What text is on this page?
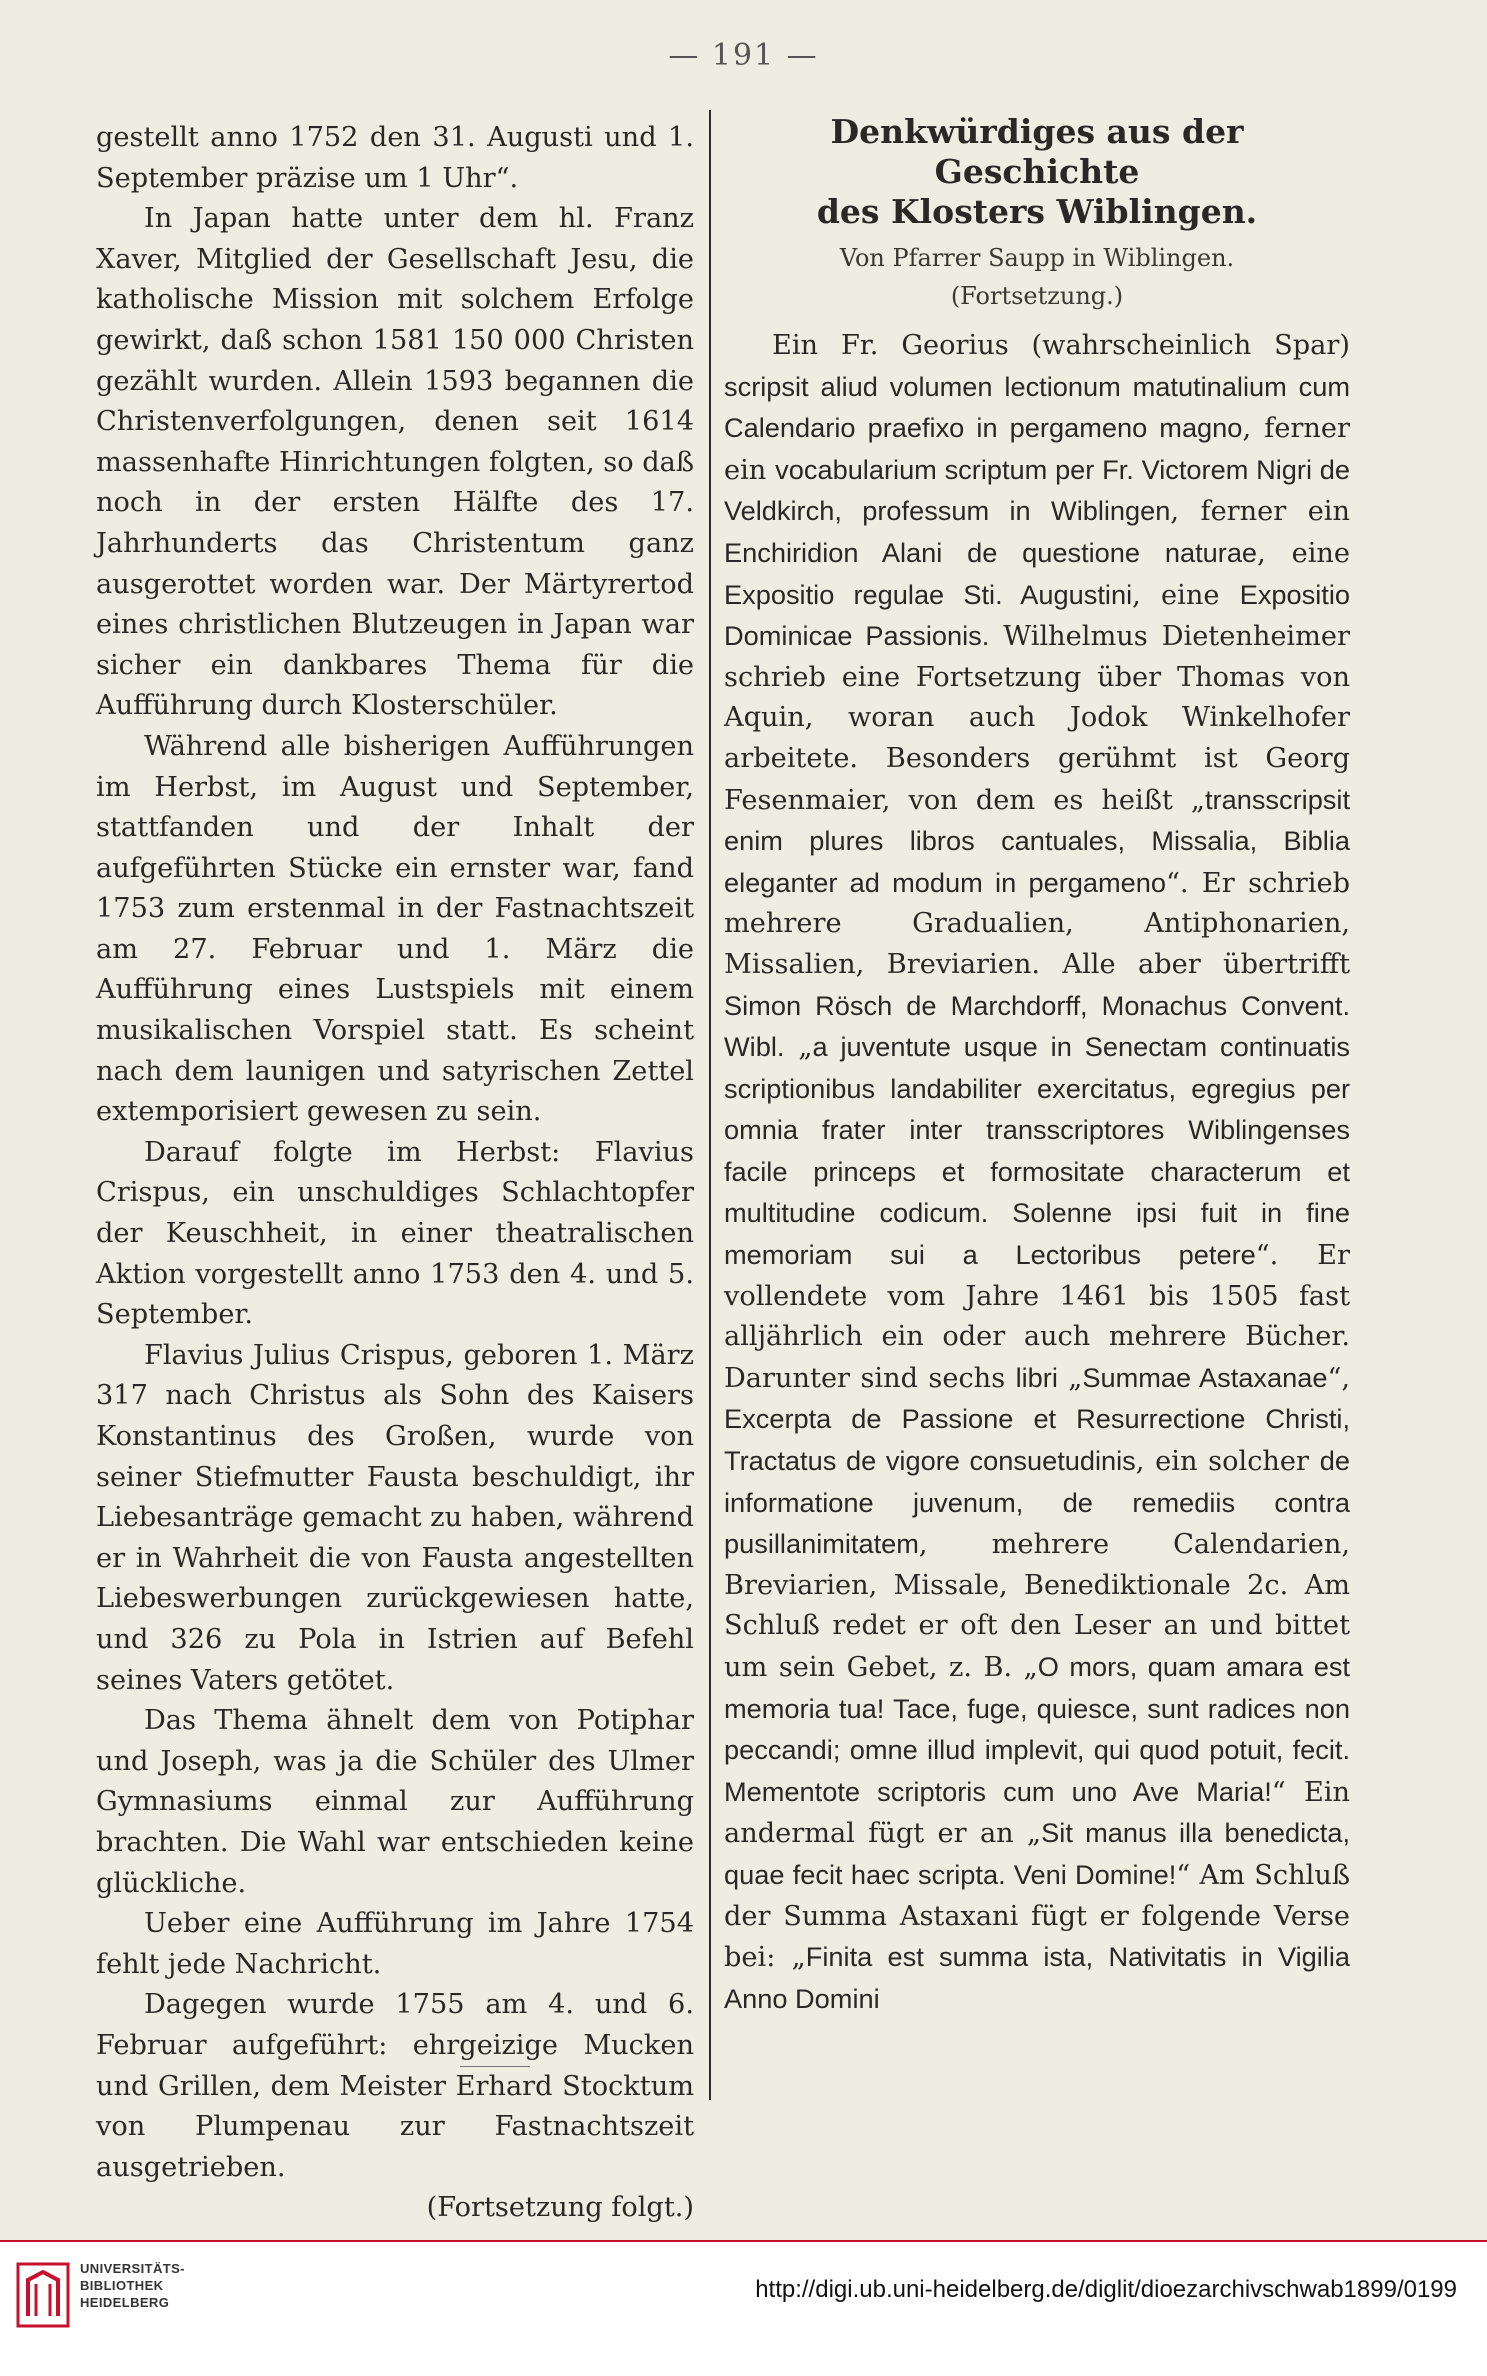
— 191 —

gestellt anno 1752 den 31. Augusti und 1. September präzise um 1 Uhr“.

In Japan hatte unter dem hl. Franz Xaver, Mitglied der Gesellschaft Jesu, die katholische Mission mit solchem Erfolge gewirkt, daß schon 1581 150 000 Christen gezählt wurden. Allein 1593 begannen die Christenverfolgungen, denen seit 1614 massenhafte Hinrichtungen folgten, so daß noch in der ersten Hälfte des 17. Jahrhunderts das Christentum ganz ausgerottet worden war. Der Märtyrertod eines christlichen Blutzeugen in Japan war sicher ein dankbares Thema für die Aufführung durch Klosterschüler.

Während alle bisherigen Aufführungen im Herbst, im August und September, stattfanden und der Inhalt der aufgeführten Stücke ein ernster war, fand 1753 zum erstenmal in der Fastnachtszeit am 27. Februar und 1. März die Aufführung eines Lustspiels mit einem musikalischen Vorspiel statt. Es scheint nach dem launigen und satyrischen Zettel extemporisiert gewesen zu sein.

Darauf folgte im Herbst: Flavius Crispus, ein unschuldiges Schlachtopfer der Keuschheit, in einer theatralischen Aktion vorgestellt anno 1753 den 4. und 5. September.

Flavius Julius Crispus, geboren 1. März 317 nach Christus als Sohn des Kaisers Konstantinus des Großen, wurde von seiner Stiefmutter Fausta beschuldigt, ihr Liebesanträge gemacht zu haben, während er in Wahrheit die von Fausta angestellten Liebeswerbungen zurückgewiesen hatte, und 326 zu Pola in Istrien auf Befehl seines Vaters getötet.

Das Thema ähnelt dem von Potiphar und Joseph, was ja die Schüler des Ulmer Gymnasiums einmal zur Aufführung brachten. Die Wahl war entschieden keine glückliche.

Ueber eine Aufführung im Jahre 1754 fehlt jede Nachricht.

Dagegen wurde 1755 am 4. und 6. Februar aufgeführt: ehrgeizige Mucken und Grillen, dem Meister Erhard Stocktum von Plumpenau zur Fastnachtszeit ausgetrieben.

(Fortsetzung folgt.)
Denkwürdiges aus der Geschichte
des Klosters Wiblingen.
Von Pfarrer Saupp in Wiblingen.
(Fortsetzung.)

Ein Fr. Georius (wahrscheinlich Spar) scripsit aliud volumen lectionum matutinalium cum Calendario praefixo in pergameno magno, ferner ein vocabularium scriptum per Fr. Victorem Nigri de Veldkirch, professum in Wiblingen, ferner ein Enchiridion Alani de questione naturae, eine Expositio regulae Sti. Augustini, eine Expositio Dominicae Passionis. Wilhelmus Dietenheimer schrieb eine Fortsetzung über Thomas von Aquin, woran auch Jodok Winkelhofer arbeitete. Besonders gerühmt ist Georg Fesenmaier, von dem es heißt „transscripsit enim plures libros cantuales, Missalia, Biblia eleganter ad modum in pergameno“. Er schrieb mehrere Gradualien, Antiphonarien, Missalien, Breviarien. Alle aber übertrifft Simon Rösch de Marchdorff, Monachus Convent. Wibl. „a juventute usque in Senectam continuatis scriptionibus landabiliter exercitatus, egregius per omnia frater inter transscriptores Wiblingenses facile princeps et formositate characterum et multitudine codicum. Solenne ipsi fuit in fine memoriam sui a Lectoribus petere“. Er vollendete vom Jahre 1461 bis 1505 fast alljährlich ein oder auch mehrere Bücher. Darunter sind sechs libri „Summae Astaxanae“, Excerpta de Passione et Resurrectione Christi, Tractatus de vigore consuetudinis, ein solcher de informatione juvenum, de remediis contra pusillanimitatem, mehrere Calendarien, Breviarien, Missale, Benediktionale 2c. Am Schluß redet er oft den Leser an und bittet um sein Gebet, z. B. „O mors, quam amara est memoria tua! Tace, fuge, quiesce, sunt radices non peccandi; omne illud implevit, qui quod potuit, fecit. Mementote scriptoris cum uno Ave Maria!“ Ein andermal fügt er an „Sit manus illa benedicta, quae fecit haec scripta. Veni Domine!“ Am Schluß der Summa Astaxani fügt er folgende Verse bei: „Finita est summa ista, Nativitatis in Vigilia Anno Domini

UNIVERSITÄTS-
BIBLIOTHEK
HEIDELBERG	http://digi.ub.uni-heidelberg.de/diglit/dioezarchivschwab1899/0199
